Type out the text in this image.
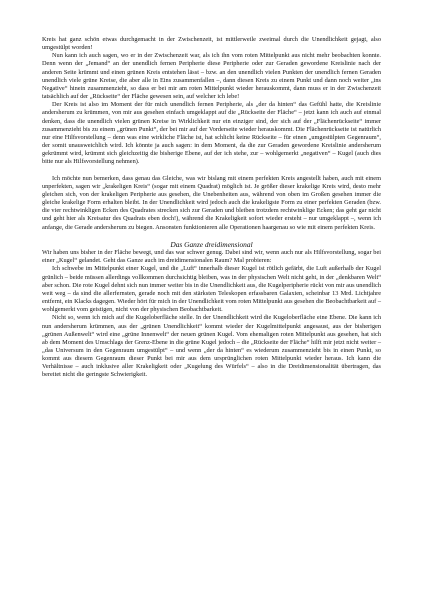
Kreis hat ganz schön etwas durchgemacht in der Zwischenzeit, ist mittlerweile zweimal durch die Unendlichkeit gejagt, also umgestülpt worden!

Nun kann ich auch sagen, wo er in der Zwischenzeit war, als ich ihn vom roten Mittelpunkt aus nicht mehr beobachten konnte. Denn wenn der „Jemand“ an der unendlich fernen Peripherie diese Peripherie oder zur Geraden gewordene Kreislinie nach der anderen Seite krümmt und einen grünen Kreis entstehen lässt – bzw. an den unendlich vielen Punkten der unendlich fernen Geraden unendlich viele grüne Kreise, die aber alle in Eins zusammenfallen –, dann diesen Kreis zu einem Punkt und dann noch weiter „ins Negative“ hinein zusammenzieht, so dass er bei mir am roten Mittelpunkt wieder herauskommt, dann muss er in der Zwischenzeit tatsächlich auf der „Rückseite“ der Fläche gewesen sein, auf welcher ich lebe!

Der Kreis ist also im Moment der für mich unendlich fernen Peripherie, als „der da hinten“ das Gefühl hatte, die Kreislinie andersherum zu krümmen, von mir aus gesehen einfach umgeklappt auf die „Rückseite der Fläche“ – jetzt kann ich auch auf einmal denken, dass die unendlich vielen grünen Kreise in Wirklichkeit nur ein einziger sind, der sich auf der „Flächenrückseite“ immer zusammenzieht bis zu einem „grünen Punkt“, der bei mir auf der Vorderseite wieder herauskommt. Die Flächenrückseite ist natürlich nur eine Hilfsvorstellung – denn was eine wirkliche Fläche ist, hat schlicht keine Rückseite – für einen „umgestülpten Gegenraum“, der somit unausweichlich wird. Ich könnte ja auch sagen: in dem Moment, da die zur Geraden gewordene Kreislinie andersherum gekrümmt wird, krümmt sich gleichzeitig die bisherige Ebene, auf der ich stehe, zur – wohlgemerkt „negativen“ – Kugel (auch dies bitte nur als Hilfsvorstellung nehmen).

Ich möchte nun bemerken, dass genau das Gleiche, was wir bislang mit einem perfekten Kreis angestellt haben, auch mit einem unperfekten, sagen wir „krakeligen Kreis“ (sogar mit einem Quadrat) möglich ist. Je größer dieser krakelige Kreis wird, desto mehr gleichen sich, von der krakeligen Peripherie aus gesehen, die Unebenheiten aus, während von oben im Großen gesehen immer die gleiche krakelige Form erhalten bleibt. In der Unendlichkeit wird jedoch auch die krakeligste Form zu einer perfekten Geraden (bzw. die vier rechtwinkligen Ecken des Quadrates strecken sich zur Geraden und bleiben trotzdem rechtwinklige Ecken; das geht gar nicht und geht hier als Kreisatur des Quadrats eben doch!), während die Krakeligkeit sofort wieder ersteht – nur umgeklappt –, wenn ich anfange, die Gerade andersherum zu biegen. Ansonsten funktionieren alle Operationen haargenau so wie mit einem perfekten Kreis.

Das Ganze dreidimensional

Wir haben uns bisher in der Fläche bewegt, und das war schwer genug. Dabei sind wir, wenn auch nur als Hilfsvorstellung, sogar bei einer „Kugel“ gelandet. Geht das Ganze auch im dreidimensionalen Raum? Mal probieren:

Ich schwebe im Mittelpunkt einer Kugel, und die „Luft“ innerhalb dieser Kugel ist rötlich gefärbt, die Luft außerhalb der Kugel grünlich – beide müssen allerdings vollkommen durchsichtig bleiben, was in der physischen Welt nicht geht, in der „denkbaren Welt“ aber schon. Die rote Kugel dehnt sich nun immer weiter bis in die Unendlichkeit aus, die Kugelperipherie rückt von mir aus unendlich weit weg – da sind die allerfernsten, gerade noch mit den stärksten Teleskopen erfassbaren Galaxien, scheinbar 13 Mrd. Lichtjahre entfernt, ein Klacks dagegen. Wieder hört für mich in der Unendlichkeit vom roten Mittelpunkt aus gesehen die Beobachtbarkeit auf – wohlgemerkt vom geistigen, nicht von der physischen Beobachtbarkeit.

Nicht so, wenn ich mich auf die Kugeloberfläche stelle. In der Unendlichkeit wird die Kugeloberfläche eine Ebene. Die kann ich nun andersherum krümmen, aus der „grünen Unendlichkeit“ kommt wieder der Kugelmittelpunkt angesaust, aus der bisherigen „grünen Außenwelt“ wird eine „grüne Innenwelt“ der neuen grünen Kugel. Vom ehemaligen roten Mittelpunkt aus gesehen, hat sich ab dem Moment des Umschlags der Grenz-Ebene in die grüne Kugel jedoch – die „Rückseite der Fläche“ hilft mir jetzt nicht weiter – „das Universum in den Gegenraum umgestülpt“ – und wenn „der da hinten“ es wiederum zusammenzieht bis in einen Punkt, so kommt aus diesem Gegenraum dieser Punkt bei mir aus dem ursprünglichen roten Mittelpunkt wieder heraus. Ich kann die Verhältnisse – auch inklusive aller Krakeligkeit oder „Kugelung des Würfels“ – also in die Dreidimensionalität übertragen, das bereitet nicht die geringste Schwierigkeit.
